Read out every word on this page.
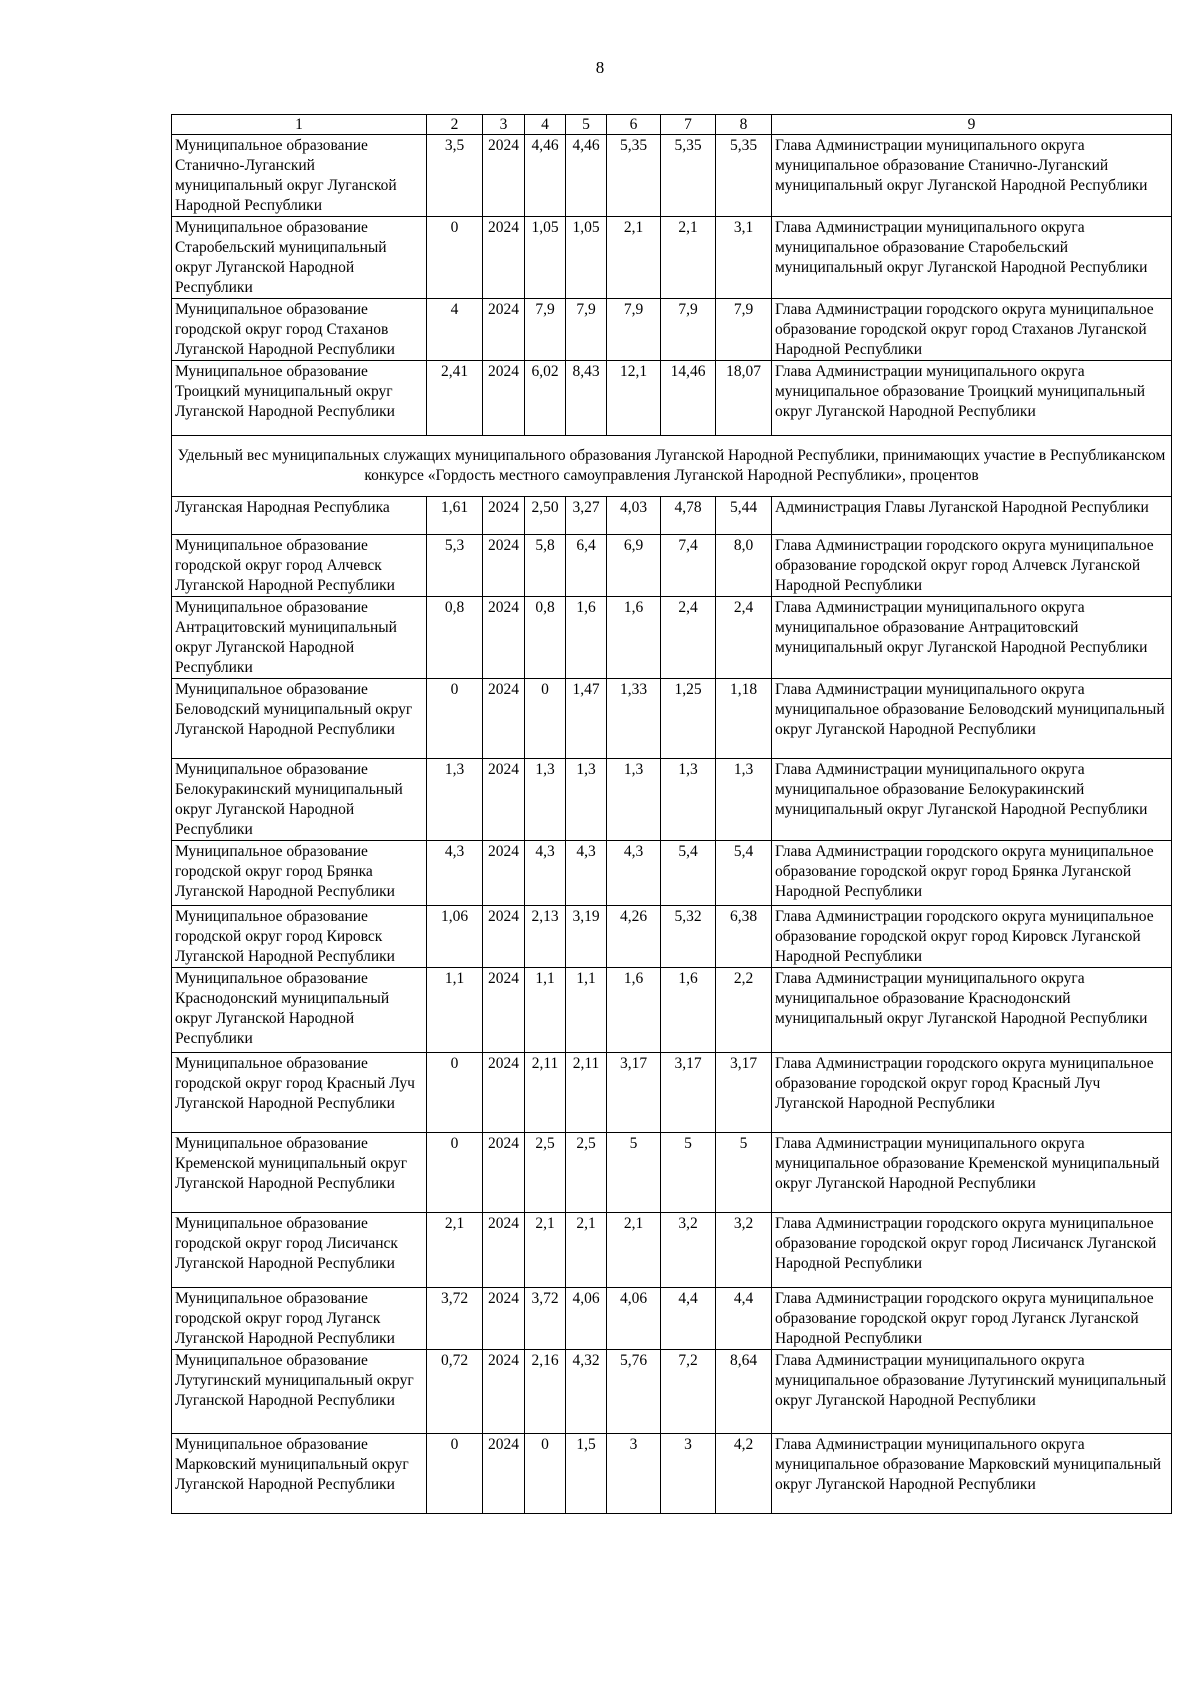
8
1	2	3	4	5	6	7	8	9
Муниципальное образование Станично-Луганский муниципальный округ Луганской Народной Республики	3,5	2024	4,46	4,46	5,35	5,35	5,35	Глава Администрации муниципального округа муниципальное образование Станично-Луганский муниципальный округ Луганской Народной Республики
Муниципальное образование Старобельский муниципальный округ Луганской Народной Республики	0	2024	1,05	1,05	2,1	2,1	3,1	Глава Администрации муниципального округа муниципальное образование Старобельский муниципальный округ Луганской Народной Республики
Муниципальное образование городской округ город Стаханов Луганской Народной Республики	4	2024	7,9	7,9	7,9	7,9	7,9	Глава Администрации городского округа муниципальное образование городской округ город Стаханов Луганской Народной Республики
Муниципальное образование Троицкий муниципальный округ Луганской Народной Республики	2,41	2024	6,02	8,43	12,1	14,46	18,07	Глава Администрации муниципального округа муниципальное образование Троицкий муниципальный округ Луганской Народной Республики
Удельный вес муниципальных служащих муниципального образования Луганской Народной Республики, принимающих участие в Республиканском конкурсе «Гордость местного самоуправления Луганской Народной Республики», процентов								
Луганская Народная Республика	1,61	2024	2,50	3,27	4,03	4,78	5,44	Администрация Главы Луганской Народной Республики
Муниципальное образование городской округ город Алчевск Луганской Народной Республики	5,3	2024	5,8	6,4	6,9	7,4	8,0	Глава Администрации городского округа муниципальное образование городской округ город Алчевск Луганской Народной Республики
Муниципальное образование Антрацитовский муниципальный округ Луганской Народной Республики	0,8	2024	0,8	1,6	1,6	2,4	2,4	Глава Администрации муниципального округа муниципальное образование Антрацитовский муниципальный округ Луганской Народной Республики
Муниципальное образование Беловодский муниципальный округ Луганской Народной Республики	0	2024	0	1,47	1,33	1,25	1,18	Глава Администрации муниципального округа муниципальное образование Беловодский муниципальный округ Луганской Народной Республики
Муниципальное образование Белокуракинский муниципальный округ Луганской Народной Республики	1,3	2024	1,3	1,3	1,3	1,3	1,3	Глава Администрации муниципального округа муниципальное образование Белокуракинский муниципальный округ Луганской Народной Республики
Муниципальное образование городской округ город Брянка Луганской Народной Республики	4,3	2024	4,3	4,3	4,3	5,4	5,4	Глава Администрации городского округа муниципальное образование городской округ город Брянка Луганской Народной Республики
Муниципальное образование городской округ город Кировск Луганской Народной Республики	1,06	2024	2,13	3,19	4,26	5,32	6,38	Глава Администрации городского округа муниципальное образование городской округ город Кировск Луганской Народной Республики
Муниципальное образование Краснодонский муниципальный округ Луганской Народной Республики	1,1	2024	1,1	1,1	1,6	1,6	2,2	Глава Администрации муниципального округа муниципальное образование Краснодонский муниципальный округ Луганской Народной Республики
Муниципальное образование городской округ город Красный Луч Луганской Народной Республики	0	2024	2,11	2,11	3,17	3,17	3,17	Глава Администрации городского округа муниципальное образование городской округ город Красный Луч Луганской Народной Республики
Муниципальное образование Кременской муниципальный округ Луганской Народной Республики	0	2024	2,5	2,5	5	5	5	Глава Администрации муниципального округа муниципальное образование Кременской муниципальный округ Луганской Народной Республики
Муниципальное образование городской округ город Лисичанск Луганской Народной Республики	2,1	2024	2,1	2,1	2,1	3,2	3,2	Глава Администрации городского округа муниципальное образование городской округ город Лисичанск Луганской Народной Республики
Муниципальное образование городской округ город Луганск Луганской Народной Республики	3,72	2024	3,72	4,06	4,06	4,4	4,4	Глава Администрации городского округа муниципальное образование городской округ город Луганск Луганской Народной Республики
Муниципальное образование Лутугинский муниципальный округ Луганской Народной Республики	0,72	2024	2,16	4,32	5,76	7,2	8,64	Глава Администрации муниципального округа муниципальное образование Лутугинский муниципальный округ Луганской Народной Республики
Муниципальное образование Марковский муниципальный округ Луганской Народной Республики	0	2024	0	1,5	3	3	4,2	Глава Администрации муниципального округа муниципальное образование Марковский муниципальный округ Луганской Народной Республики
